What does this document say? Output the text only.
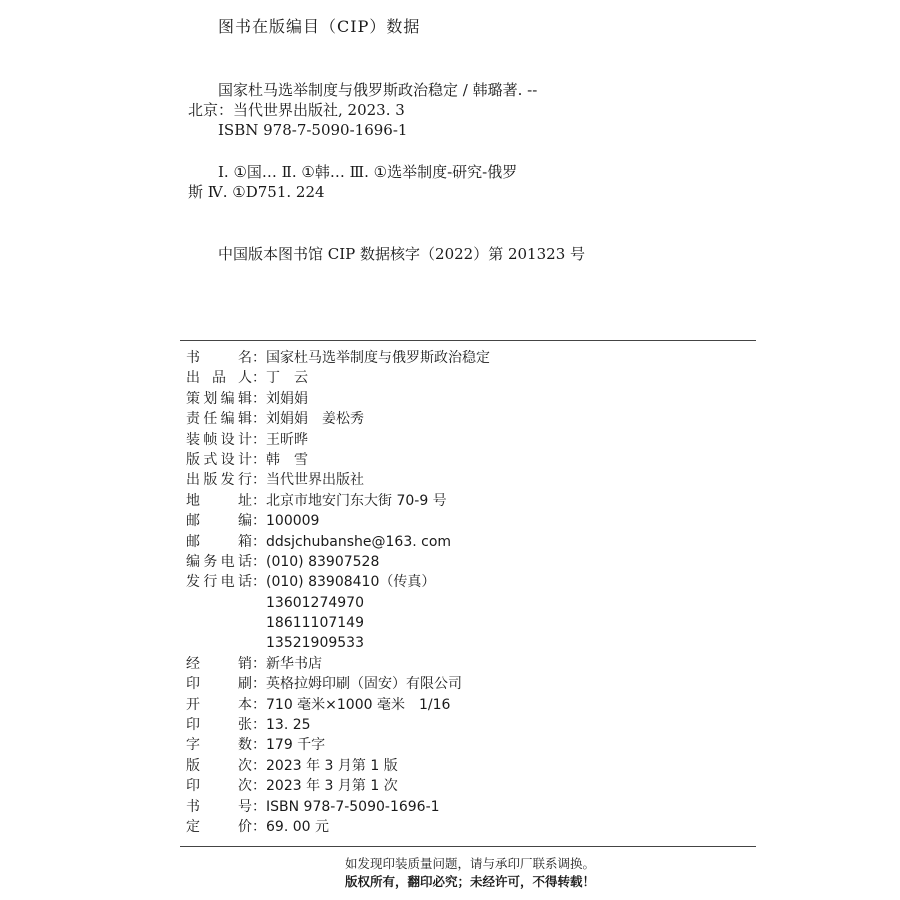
图书在版编目（CIP）数据
国家杜马选举制度与俄罗斯政治稳定 / 韩璐著. --
北京：当代世界出版社, 2023. 3
ISBN 978-7-5090-1696-1
Ⅰ. ①国… Ⅱ. ①韩… Ⅲ. ①选举制度-研究-俄罗
斯 Ⅳ. ①D751. 224
中国版本图书馆 CIP 数据核字（2022）第 201323 号
书	名： 国家杜马选举制度与俄罗斯政治稳定
出 品 人： 丁　云
策 划 编 辑： 刘娟娟
责 任 编 辑： 刘娟娟　姜松秀
装 帧 设 计： 王昕晔
版 式 设 计： 韩　雪
出 版 发 行： 当代世界出版社
地	址： 北京市地安门东大街 70-9 号
邮	编： 100009
邮	箱： ddsjchubanshe@163. com
编 务 电 话： (010) 83907528
发 行 电 话： (010) 83908410（传真）
13601274970
18611107149
13521909533
经	销： 新华书店
印	刷： 英格拉姆印刷（固安）有限公司
开	本： 710 毫米×1000 毫米　1/16
印	张： 13. 25
字	数： 179 千字
版	次： 2023 年 3 月第 1 版
印	次： 2023 年 3 月第 1 次
书	号： ISBN 978-7-5090-1696-1
定	价： 69. 00 元
如发现印装质量问题，请与承印厂联系调换。
版权所有，翻印必究；未经许可，不得转载！
